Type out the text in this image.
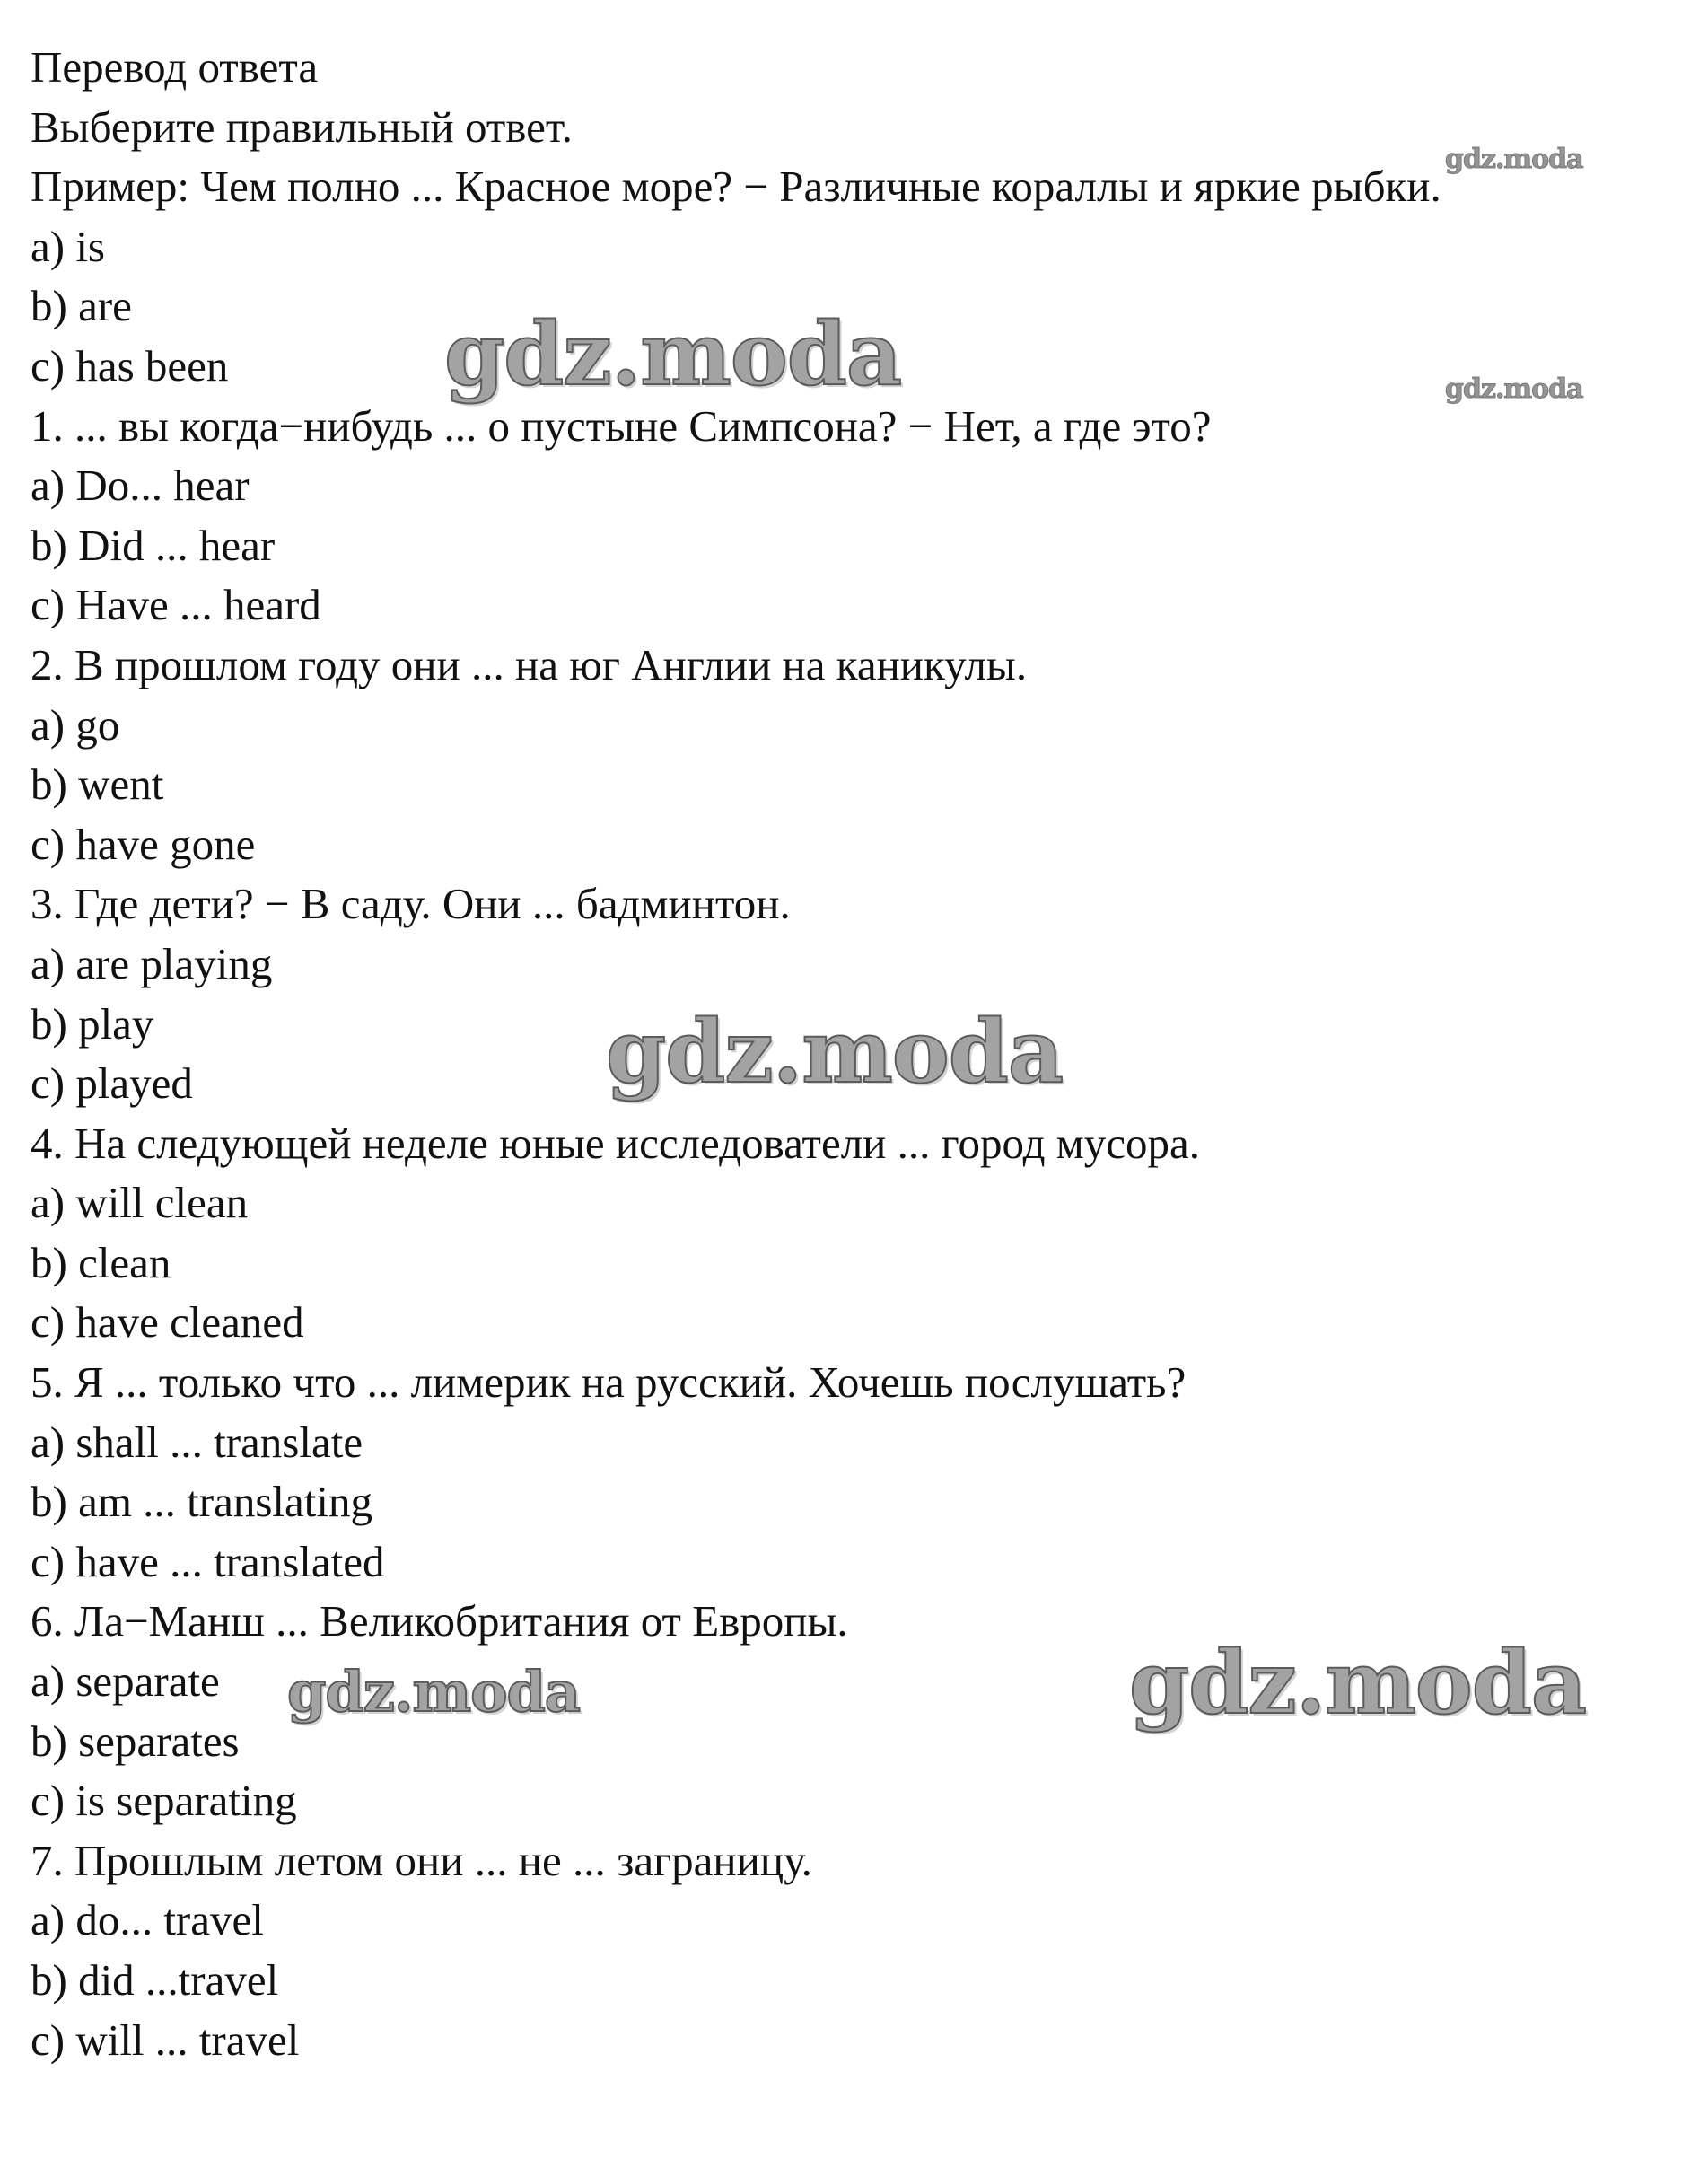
Перевод ответа

Выберите правильный ответ.

Пример: Чем полно ... Красное море? − Различные кораллы и яркие рыбки.

a) is

b) are

c) has been

1. ... вы когда−нибудь ... о пустыне Симпсона? − Нет, а где это?

a) Do... hear

b) Did ... hear

c) Have ... heard

2. В прошлом году они ... на юг Англии на каникулы.

a) go

b) went

c) have gone

3. Где дети? − В саду. Они ... бадминтон.

a) are playing

b) play

c) played

4. На следующей неделе юные исследователи ... город мусора.

a) will clean

b) clean

c) have cleaned

5. Я ... только что ... лимерик на русский. Хочешь послушать?

a) shall ... translate

b) am ... translating

c) have ... translated

6. Ла−Манш ... Великобритания от Европы.

a) separate

b) separates

c) is separating

7. Прошлым летом они ... не ... заграницу.

a) do... travel

b) did ...travel

c) will ... travel

gdz.moda
gdz.moda	gdz.moda
gdz.moda
gdz.moda	gdz.moda
